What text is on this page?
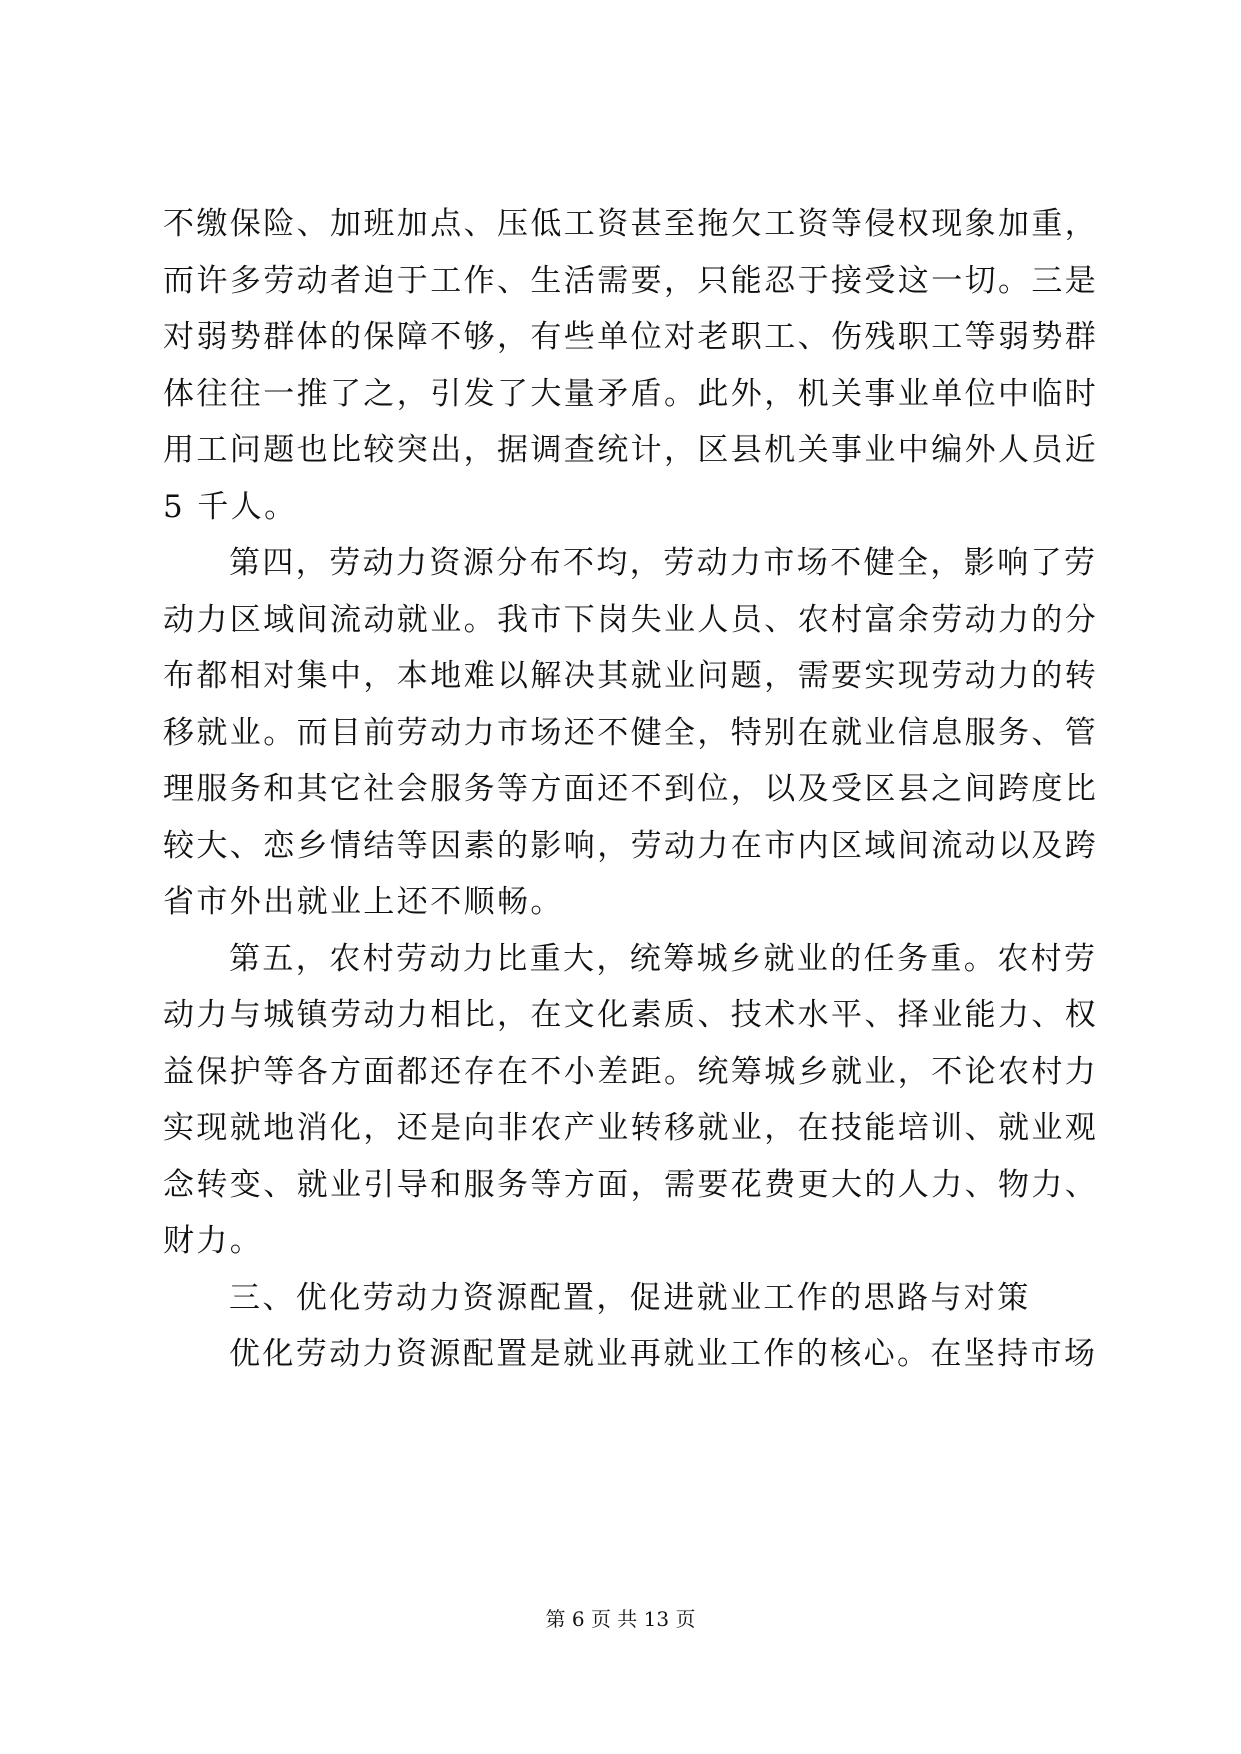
不缴保险、加班加点、压低工资甚至拖欠工资等侵权现象加重，
而许多劳动者迫于工作、生活需要，只能忍于接受这一切。三是
对弱势群体的保障不够，有些单位对老职工、伤残职工等弱势群
体往往一推了之，引发了大量矛盾。此外，机关事业单位中临时
用工问题也比较突出，据调查统计，区县机关事业中编外人员近
5 千人。
第四，劳动力资源分布不均，劳动力市场不健全，影响了劳
动力区域间流动就业。我市下岗失业人员、农村富余劳动力的分
布都相对集中，本地难以解决其就业问题，需要实现劳动力的转
移就业。而目前劳动力市场还不健全，特别在就业信息服务、管
理服务和其它社会服务等方面还不到位，以及受区县之间跨度比
较大、恋乡情结等因素的影响，劳动力在市内区域间流动以及跨
省市外出就业上还不顺畅。
第五，农村劳动力比重大，统筹城乡就业的任务重。农村劳
动力与城镇劳动力相比，在文化素质、技术水平、择业能力、权
益保护等各方面都还存在不小差距。统筹城乡就业，不论农村力
实现就地消化，还是向非农产业转移就业，在技能培训、就业观
念转变、就业引导和服务等方面，需要花费更大的人力、物力、
财力。
三、优化劳动力资源配置，促进就业工作的思路与对策
优化劳动力资源配置是就业再就业工作的核心。在坚持市场
第 6 页 共 13 页
